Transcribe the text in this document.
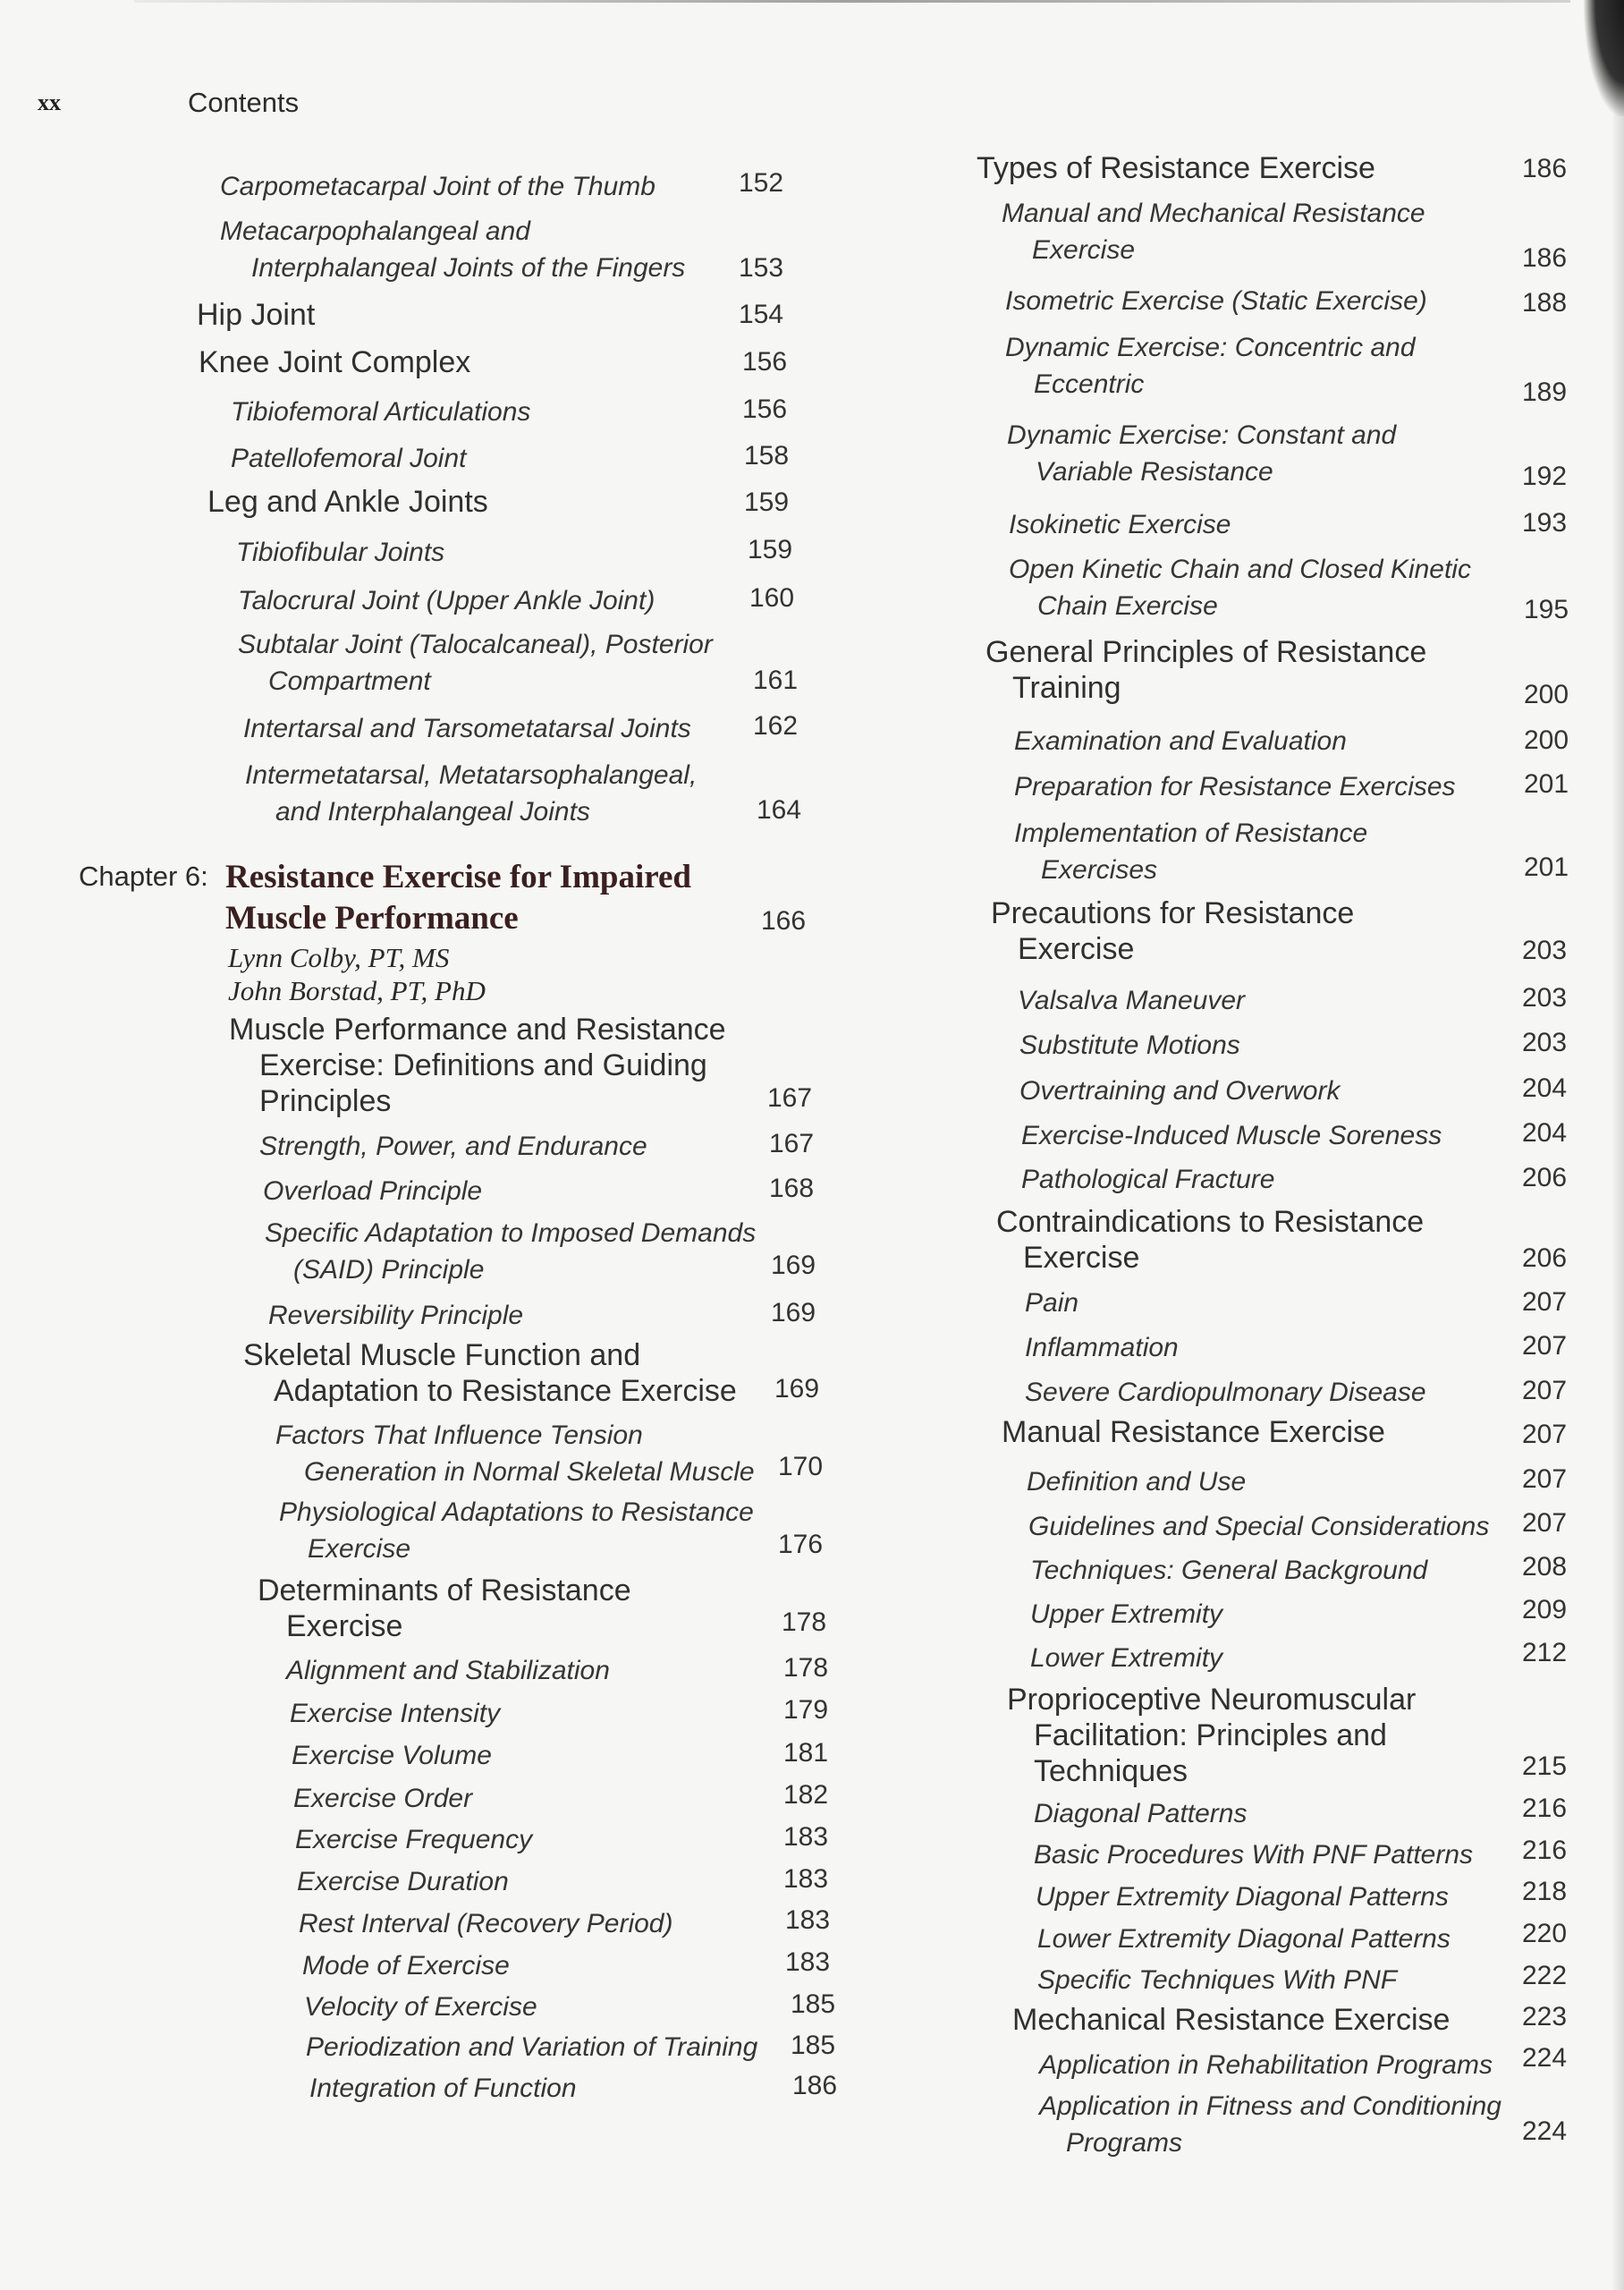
xx	Contents
Chapter 6: Resistance Exercise for Impaired
Muscle Performance	166
Lynn Colby, PT, MS
John Borstad, PT, PhD
Carpometacarpal Joint of the Thumb	152
Metacarpophalangeal and
Interphalangeal Joints of the Fingers 153
Hip Joint	154
Knee Joint Complex	156
Tibiofemoral Articulations	156
Patellofemoral Joint	158
Leg and Ankle Joints	159
Tibiofibular Joints	159
Talocrural Joint (Upper Ankle Joint)	160
Subtalar Joint (Talocalcaneal), Posterior
Compartment	161
Intertarsal and Tarsometatarsal Joints 162
Intermetatarsal, Metatarsophalangeal,
and Interphalangeal Joints	164
Muscle Performance and Resistance
Exercise: Definitions and Guiding
Principles	167
Strength, Power, and Endurance	167
Overload Principle	168
Specific Adaptation to Imposed Demands
(SAID) Principle	169
Reversibility Principle	169
Skeletal Muscle Function and
Adaptation to Resistance Exercise 169
Factors That Influence Tension
Generation in Normal Skeletal Muscle 170
Physiological Adaptations to Resistance
Exercise	176
Determinants of Resistance
Exercise	178
Alignment and Stabilization	178
Exercise Intensity	179
Exercise Volume	181
Exercise Order	182
Exercise Frequency	183
Exercise Duration	183
Rest Interval (Recovery Period)	183
Mode of Exercise	183
Velocity of Exercise	185
Periodization and Variation of Training 185
Integration of Function	186
Types of Resistance Exercise	186
Manual and Mechanical Resistance
Exercise	186
Isometric Exercise (Static Exercise)	188
Dynamic Exercise: Concentric and
Eccentric	189
Dynamic Exercise: Constant and
Variable Resistance	192
Isokinetic Exercise	193
Open Kinetic Chain and Closed Kinetic
Chain Exercise	195
General Principles of Resistance
Training	200
Examination and Evaluation	200
Preparation for Resistance Exercises	201
Implementation of Resistance
Exercises	201
Precautions for Resistance
Exercise	203
Valsalva Maneuver	203
Substitute Motions	203
Overtraining and Overwork	204
Exercise-Induced Muscle Soreness	204
Pathological Fracture	206
Contraindications to Resistance
Exercise	206
Pain	207
Inflammation	207
Severe Cardiopulmonary Disease	207
Manual Resistance Exercise	207
Definition and Use	207
Guidelines and Special Considerations 207
Techniques: General Background	208
Upper Extremity	209
Lower Extremity	212
Proprioceptive Neuromuscular
Facilitation: Principles and
Techniques	215
Diagonal Patterns	216
Basic Procedures With PNF Patterns 216
Upper Extremity Diagonal Patterns	218
Lower Extremity Diagonal Patterns	220
Specific Techniques With PNF	222
Mechanical Resistance Exercise	223
Application in Rehabilitation Programs 224
Application in Fitness and Conditioning
Programs	224
